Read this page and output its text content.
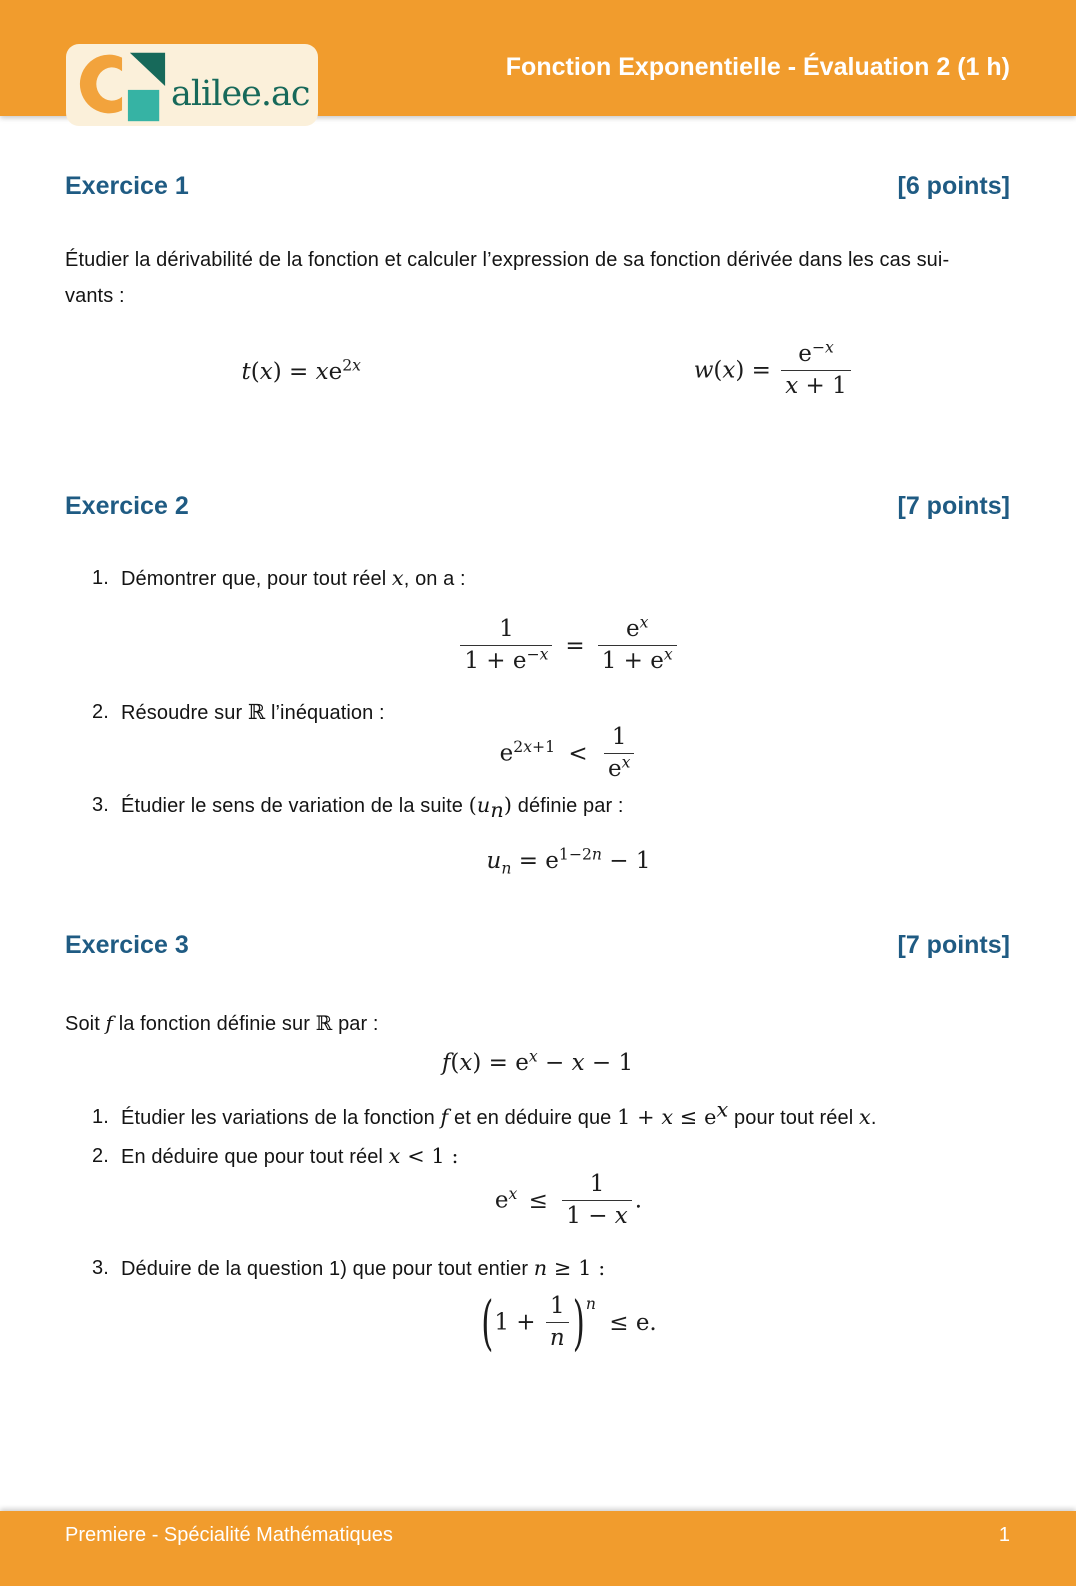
alilee.ac
Fonction Exponentielle - Évaluation 2 (1 h)
Exercice 1	[6 points]
Étudier la dérivabilité de la fonction et calculer l’expression de sa fonction dérivée dans les cas sui-
vants :
$t(x) = xe^{2x}$	$w(x) = \frac{e^{-x}}{x + 1}$
Exercice 2	[7 points]
1. Démontrer que, pour tout réel x, on a :
$\frac{1}{1 + e^{-x}} = \frac{e^x}{1 + e^x}$
2. Résoudre sur ℝ l’inéquation :
$e^{2x+1} < \frac{1}{e^x}$
3. Étudier le sens de variation de la suite (un) définie par :
$u_n = e^{1-2n} - 1$
Exercice 3	[7 points]
Soit f la fonction définie sur ℝ par :
$f(x) = e^x - x - 1$
1. Étudier les variations de la fonction f et en déduire que 1 + x ≤ ex pour tout réel x.
2. En déduire que pour tout réel x < 1 :
$e^x \le \frac{1}{1 - x}$ .
3. Déduire de la question 1) que pour tout entier n ≥ 1 :
$(1 + \frac{1}{n} )^n \le e$.
Premiere - Spécialité Mathématiques	1
